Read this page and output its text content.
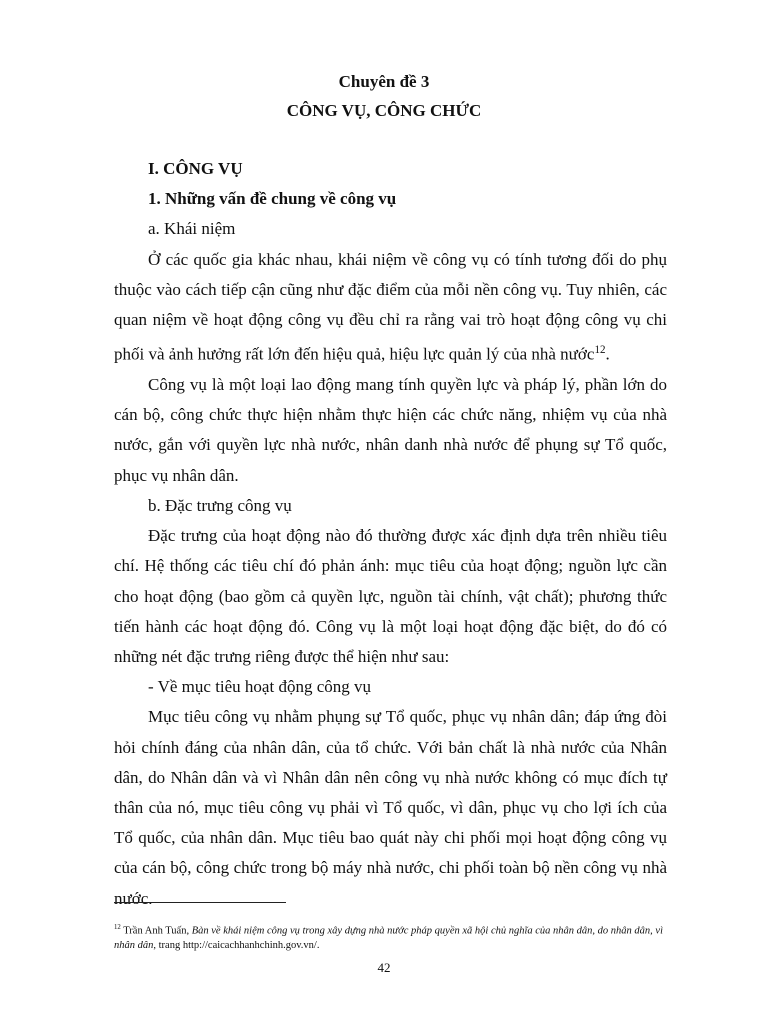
Chuyên đề 3
CÔNG VỤ, CÔNG CHỨC

I. CÔNG VỤ

1. Những vấn đề chung về công vụ

a. Khái niệm

Ở các quốc gia khác nhau, khái niệm về công vụ có tính tương đối do phụ thuộc vào cách tiếp cận cũng như đặc điểm của mỗi nền công vụ. Tuy nhiên, các quan niệm về hoạt động công vụ đều chỉ ra rằng vai trò hoạt động công vụ chi phối và ảnh hưởng rất lớn đến hiệu quả, hiệu lực quản lý của nhà nước$^{12}$.

Công vụ là một loại lao động mang tính quyền lực và pháp lý, phần lớn do cán bộ, công chức thực hiện nhằm thực hiện các chức năng, nhiệm vụ của nhà nước, gắn với quyền lực nhà nước, nhân danh nhà nước để phụng sự Tổ quốc, phục vụ nhân dân.

b. Đặc trưng công vụ

Đặc trưng của hoạt động nào đó thường được xác định dựa trên nhiều tiêu chí. Hệ thống các tiêu chí đó phản ánh: mục tiêu của hoạt động; nguồn lực cần cho hoạt động (bao gồm cả quyền lực, nguồn tài chính, vật chất); phương thức tiến hành các hoạt động đó. Công vụ là một loại hoạt động đặc biệt, do đó có những nét đặc trưng riêng được thể hiện như sau:

- Về mục tiêu hoạt động công vụ

Mục tiêu công vụ nhằm phụng sự Tổ quốc, phục vụ nhân dân; đáp ứng đòi hỏi chính đáng của nhân dân, của tổ chức. Với bản chất là nhà nước của Nhân dân, do Nhân dân và vì Nhân dân nên công vụ nhà nước không có mục đích tự thân của nó, mục tiêu công vụ phải vì Tổ quốc, vì dân, phục vụ cho lợi ích của Tổ quốc, của nhân dân. Mục tiêu bao quát này chi phối mọi hoạt động công vụ của cán bộ, công chức trong bộ máy nhà nước, chi phối toàn bộ nền công vụ nhà nước.

$^{12}$ Trần Anh Tuấn, Bàn về khái niệm công vụ trong xây dựng nhà nước pháp quyền xã hội chủ nghĩa của nhân dân, do nhân dân, vì nhân dân, trang http://caicachhanhchinh.gov.vn/.
42
